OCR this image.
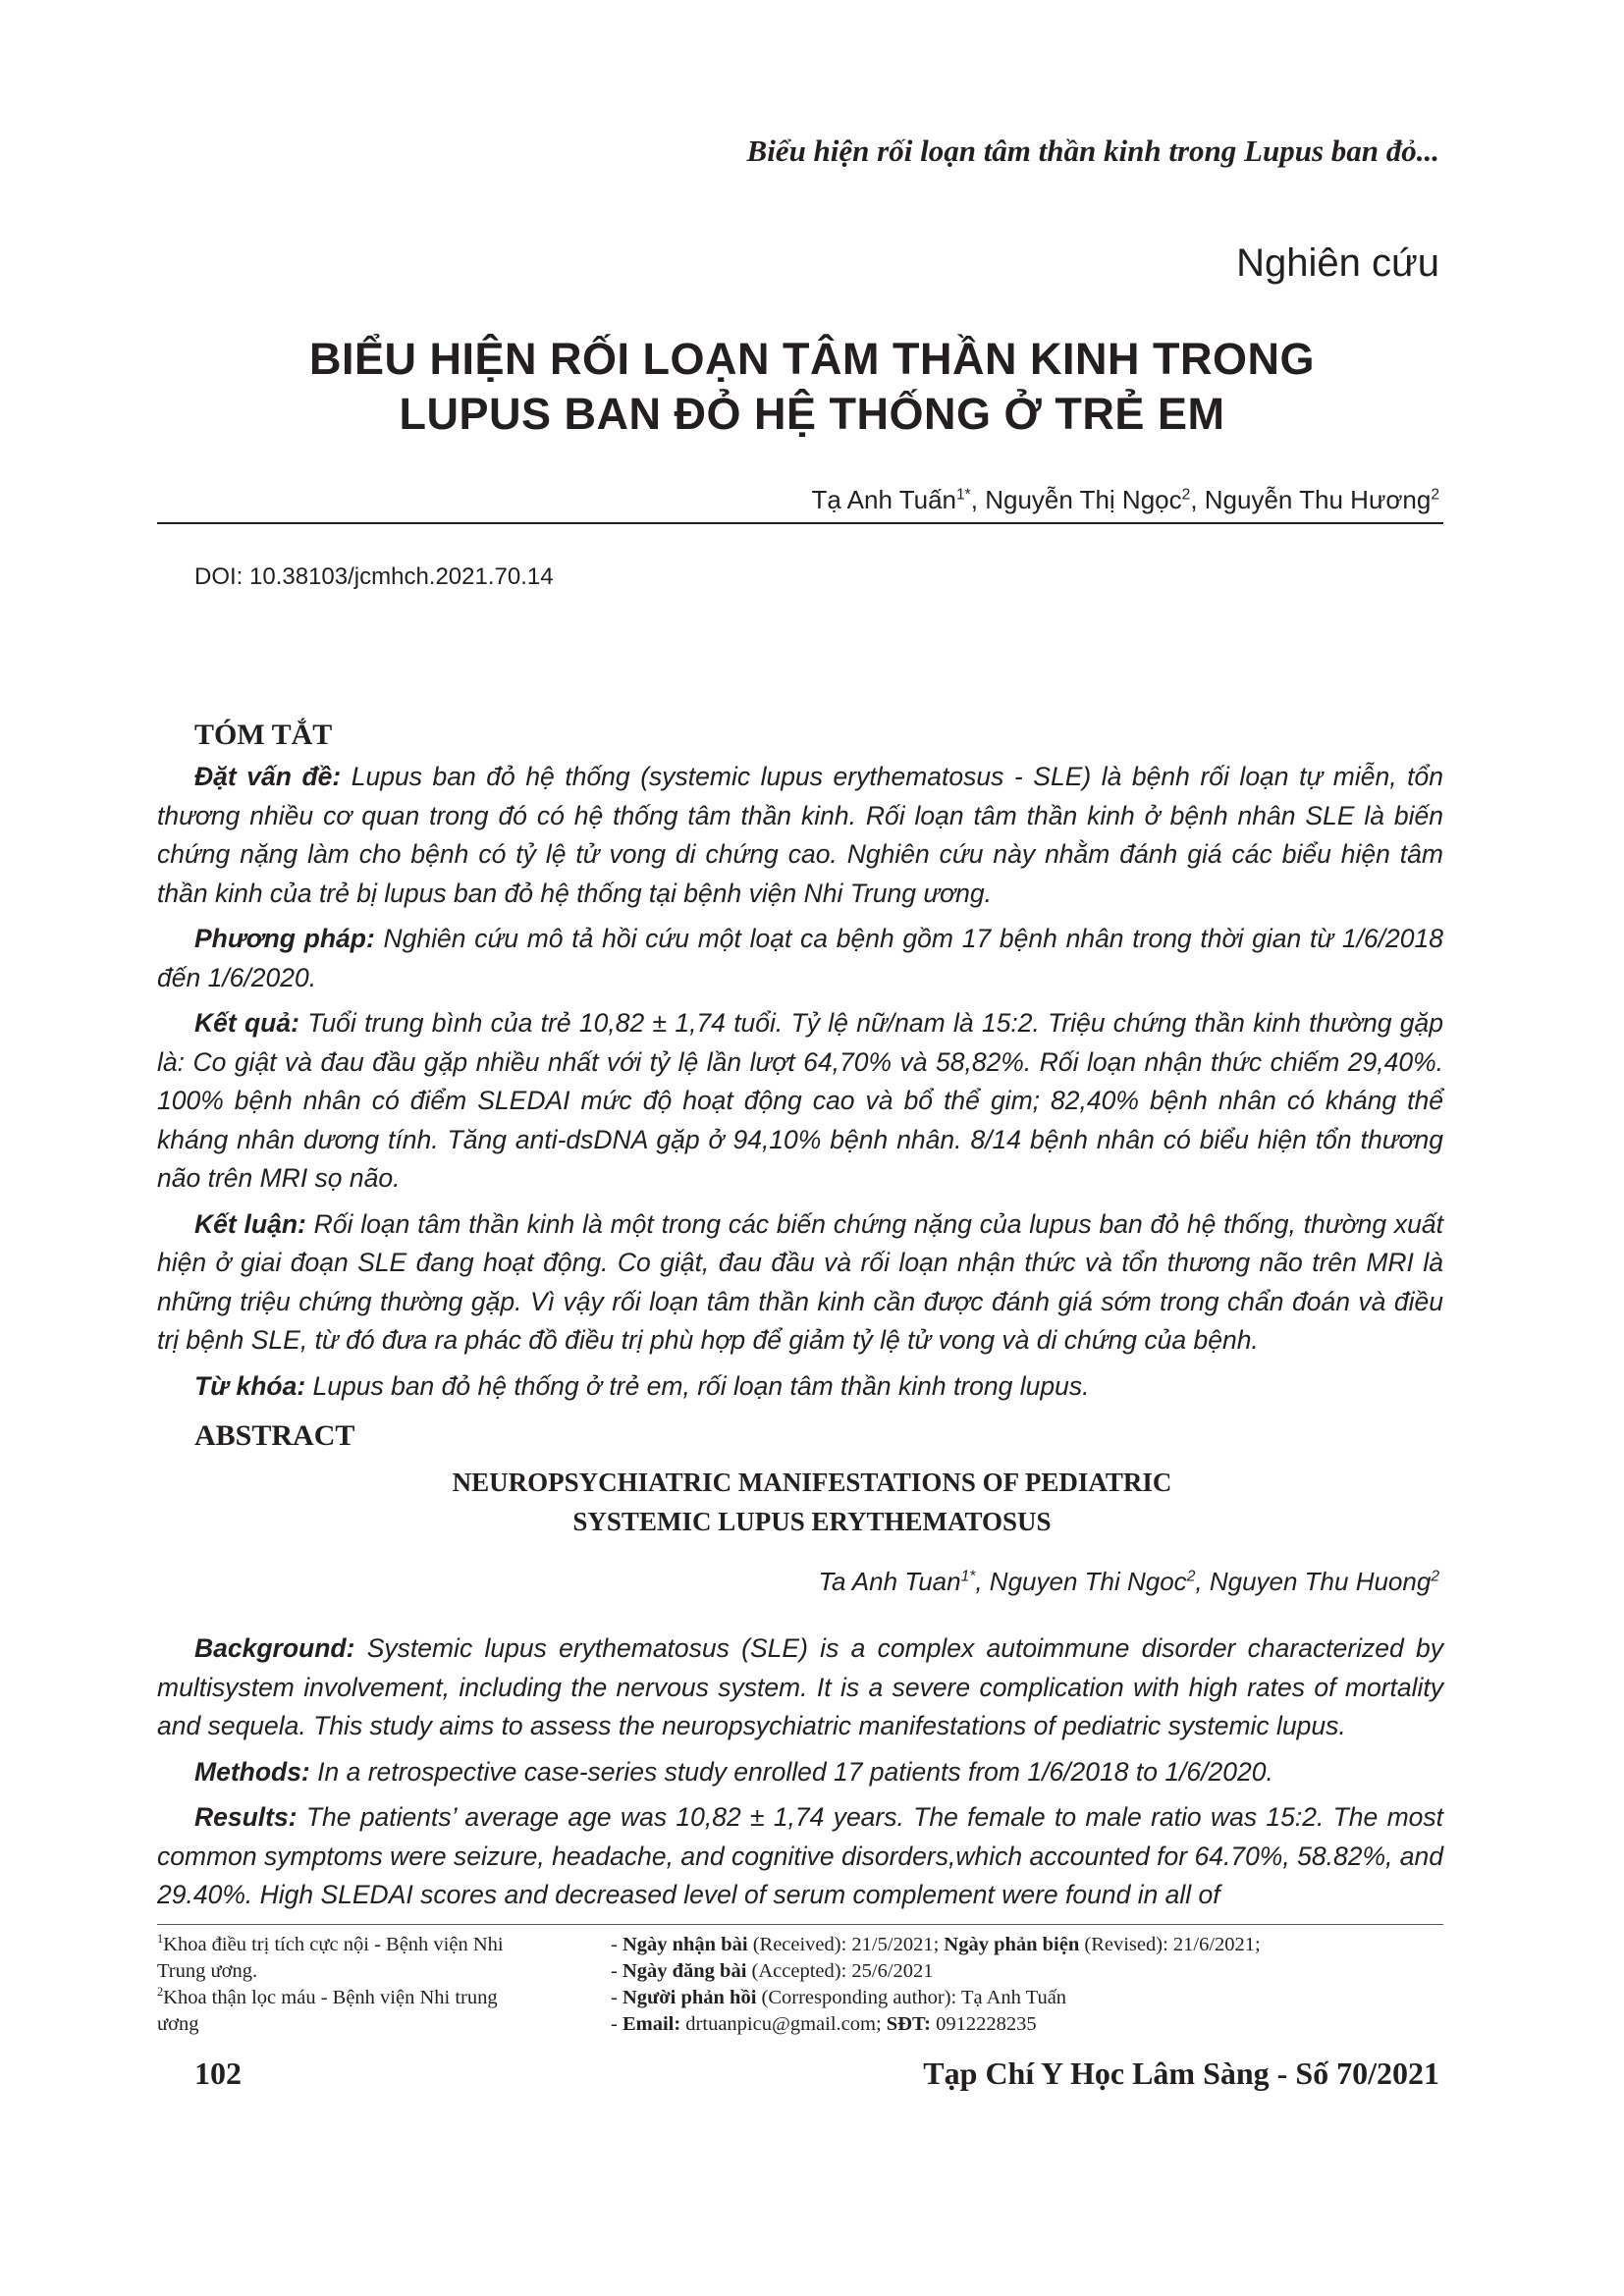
Biểu hiện rối loạn tâm thần kinh trong Lupus ban đỏ...
Nghiên cứu
BIỂU HIỆN RỐI LOẠN TÂM THẦN KINH TRONG
LUPUS BAN ĐỎ HỆ THỐNG Ở TRẺ EM
Tạ Anh Tuấn$^{1*}$, Nguyễn Thị Ngọc$^2$, Nguyễn Thu Hương$^2$
DOI: 10.38103/jcmhch.2021.70.14
TÓM TẮT

Đặt vấn đề: Lupus ban đỏ hệ thống (systemic lupus erythematosus - SLE) là bệnh rối loạn tự miễn, tổn thương nhiều cơ quan trong đó có hệ thống tâm thần kinh. Rối loạn tâm thần kinh ở bệnh nhân SLE là biến chứng nặng làm cho bệnh có tỷ lệ tử vong di chứng cao. Nghiên cứu này nhằm đánh giá các biểu hiện tâm thần kinh của trẻ bị lupus ban đỏ hệ thống tại bệnh viện Nhi Trung ương.

Phương pháp: Nghiên cứu mô tả hồi cứu một loạt ca bệnh gồm 17 bệnh nhân trong thời gian từ 1/6/2018 đến 1/6/2020.

Kết quả: Tuổi trung bình của trẻ 10,82 ± 1,74 tuổi. Tỷ lệ nữ/nam là 15:2. Triệu chứng thần kinh thường gặp là: Co giật và đau đầu gặp nhiều nhất với tỷ lệ lần lượt 64,70% và 58,82%. Rối loạn nhận thức chiếm 29,40%. 100% bệnh nhân có điểm SLEDAI mức độ hoạt động cao và bổ thể gim; 82,40% bệnh nhân có kháng thể kháng nhân dương tính. Tăng anti-dsDNA gặp ở 94,10% bệnh nhân. 8/14 bệnh nhân có biểu hiện tổn thương não trên MRI sọ não.

Kết luận: Rối loạn tâm thần kinh là một trong các biến chứng nặng của lupus ban đỏ hệ thống, thường xuất hiện ở giai đoạn SLE đang hoạt động. Co giật, đau đầu và rối loạn nhận thức và tổn thương não trên MRI là những triệu chứng thường gặp. Vì vậy rối loạn tâm thần kinh cần được đánh giá sớm trong chẩn đoán và điều trị bệnh SLE, từ đó đưa ra phác đồ điều trị phù hợp để giảm tỷ lệ tử vong và di chứng của bệnh.

Từ khóa: Lupus ban đỏ hệ thống ở trẻ em, rối loạn tâm thần kinh trong lupus.

ABSTRACT
NEUROPSYCHIATRIC MANIFESTATIONS OF PEDIATRIC
SYSTEMIC LUPUS ERYTHEMATOSUS
Ta Anh Tuan$^{1*}$, Nguyen Thi Ngoc$^2$, Nguyen Thu Huong$^2$

Background: Systemic lupus erythematosus (SLE) is a complex autoimmune disorder characterized by multisystem involvement, including the nervous system. It is a severe complication with high rates of mortality and sequela. This study aims to assess the neuropsychiatric manifestations of pediatric systemic lupus.

Methods: In a retrospective case-series study enrolled 17 patients from 1/6/2018 to 1/6/2020.

Results: The patients’ average age was 10,82 ± 1,74 years. The female to male ratio was 15:2. The most common symptoms were seizure, headache, and cognitive disorders,which accounted for 64.70%, 58.82%, and 29.40%. High SLEDAI scores and decreased level of serum complement were found in all of

$^1$Khoa điều trị tích cực nội - Bệnh viện Nhi
Trung ương.
$^2$Khoa thận lọc máu - Bệnh viện Nhi trung
ương
- Ngày nhận bài (Received): 21/5/2021; Ngày phản biện (Revised): 21/6/2021;
- Ngày đăng bài (Accepted): 25/6/2021
- Người phản hồi (Corresponding author): Tạ Anh Tuấn
- Email: drtuanpicu@gmail.com; SĐT: 0912228235
102	Tạp Chí Y Học Lâm Sàng - Số 70/2021
